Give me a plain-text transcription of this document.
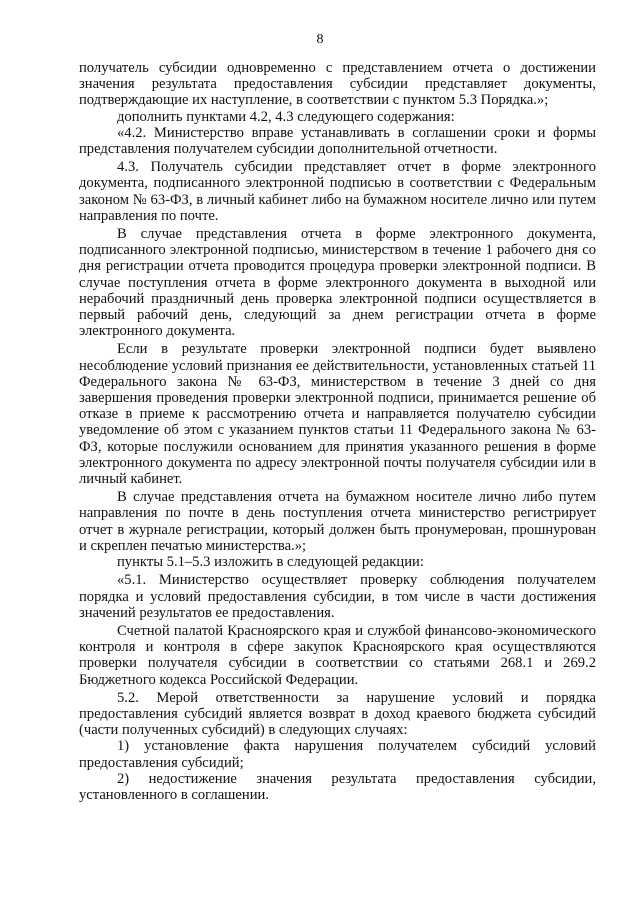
8

получатель субсидии одновременно с представлением отчета о достижении значения результата предоставления субсидии представляет документы, подтверждающие их наступление, в соответствии с пунктом 5.3 Порядка.»;

дополнить пунктами 4.2, 4.3 следующего содержания:

«4.2. Министерство вправе устанавливать в соглашении сроки и формы представления получателем субсидии дополнительной отчетности.

4.3. Получатель субсидии представляет отчет в форме электронного документа, подписанного электронной подписью в соответствии с Федеральным законом № 63-ФЗ, в личный кабинет либо на бумажном носителе лично или путем направления по почте.

В случае представления отчета в форме электронного документа, подписанного электронной подписью, министерством в течение 1 рабочего дня со дня регистрации отчета проводится процедура проверки электронной подписи. В случае поступления отчета в форме электронного документа в выходной или нерабочий праздничный день проверка электронной подписи осуществляется в первый рабочий день, следующий за днем регистрации отчета в форме электронного документа.

Если в результате проверки электронной подписи будет выявлено несоблюдение условий признания ее действительности, установленных статьей 11 Федерального закона № 63-ФЗ, министерством в течение 3 дней со дня завершения проведения проверки электронной подписи, принимается решение об отказе в приеме к рассмотрению отчета и направляется получателю субсидии уведомление об этом с указанием пунктов статьи 11 Федерального закона № 63-ФЗ, которые послужили основанием для принятия указанного решения в форме электронного документа по адресу электронной почты получателя субсидии или в личный кабинет.

В случае представления отчета на бумажном носителе лично либо путем направления по почте в день поступления отчета министерство регистрирует отчет в журнале регистрации, который должен быть пронумерован, прошнурован и скреплен печатью министерства.»;

пункты 5.1–5.3 изложить в следующей редакции:

«5.1. Министерство осуществляет проверку соблюдения получателем порядка и условий предоставления субсидии, в том числе в части достижения значений результатов ее предоставления.

Счетной палатой Красноярского края и службой финансово-экономического контроля и контроля в сфере закупок Красноярского края осуществляются проверки получателя субсидии в соответствии со статьями 268.1 и 269.2 Бюджетного кодекса Российской Федерации.

5.2. Мерой ответственности за нарушение условий и порядка предоставления субсидий является возврат в доход краевого бюджета субсидий (части полученных субсидий) в следующих случаях:

1) установление факта нарушения получателем субсидий условий предоставления субсидий;

2) недостижение значения результата предоставления субсидии, установленного в соглашении.
